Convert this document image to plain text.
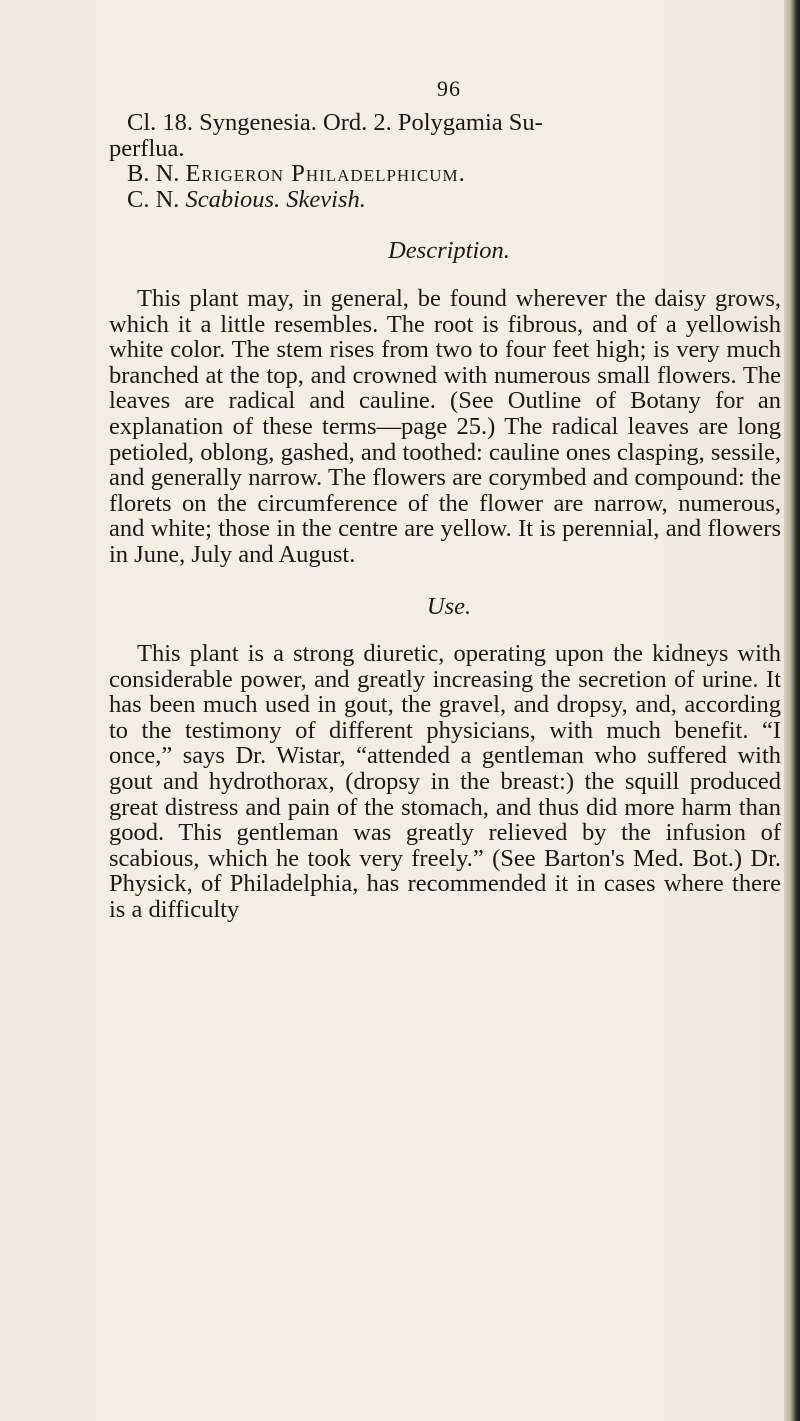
96

Cl. 18. Syngenesia. Ord. 2. Polygamia Su-

perflua.

B. N. Erigeron Philadelphicum.

C. N. Scabious. Skevish.

Description.

This plant may, in general, be found wherever the daisy grows, which it a little resembles. The root is fibrous, and of a yellowish white color. The stem rises from two to four feet high; is very much branched at the top, and crowned with numerous small flowers. The leaves are radical and cauline. (See Outline of Botany for an explanation of these terms—page 25.) The radical leaves are long petioled, oblong, gashed, and toothed: cauline ones clasping, sessile, and generally narrow. The flowers are corymbed and compound: the florets on the circumference of the flower are narrow, numerous, and white; those in the centre are yellow. It is perennial, and flowers in June, July and August.

Use.

This plant is a strong diuretic, operating upon the kidneys with considerable power, and greatly increasing the secretion of urine. It has been much used in gout, the gravel, and dropsy, and, according to the testimony of different physicians, with much benefit. “I once,” says Dr. Wistar, “attended a gentleman who suffered with gout and hydrothorax, (dropsy in the breast:) the squill produced great distress and pain of the stomach, and thus did more harm than good. This gentleman was greatly relieved by the infusion of scabious, which he took very freely.” (See Barton's Med. Bot.) Dr. Physick, of Philadelphia, has recommended it in cases where there is a difficulty
